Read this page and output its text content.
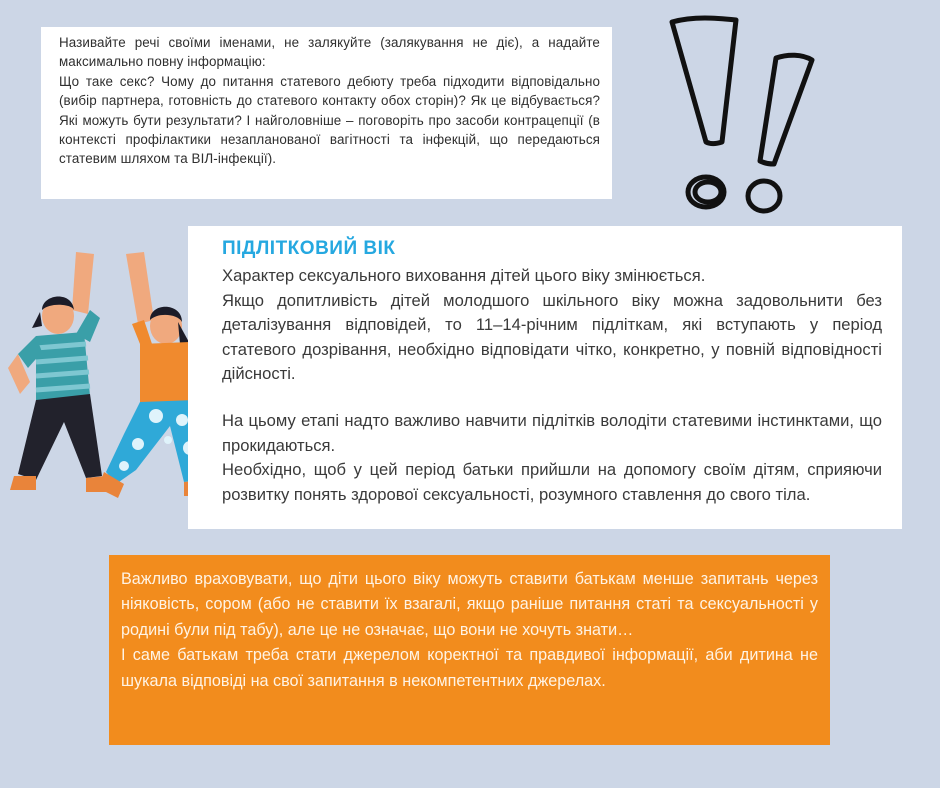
Називайте речі своїми іменами, не залякуйте (залякування не діє), а надайте максимально повну інформацію:

Що таке секс? Чому до питання статевого дебюту треба підходити відповідально (вибір партнера, готовність до статевого контакту обох сторін)? Як це відбувається? Які можуть бути результати? І найголовніше – поговоріть про засоби контрацепції (в контексті профілактики незапланованої вагітності та інфекцій, що передаються статевим шляхом та ВІЛ-інфекції).

ПІДЛІТКОВИЙ ВІК

Характер сексуального виховання дітей цього віку змінюється.

Якщо допитливість дітей молодшого шкільного віку можна задовольнити без деталізування відповідей, то 11–14-річним підліткам, які вступають у період статевого дозрівання, необхідно відповідати чітко, конкретно, у повній відповідності дійсності.

На цьому етапі надто важливо навчити підлітків володіти статевими інстинктами, що прокидаються.

Необхідно, щоб у цей період батьки прийшли на допомогу своїм дітям, сприяючи розвитку понять здорової сексуальності, розумного ставлення до свого тіла.

Важливо враховувати, що діти цього віку можуть ставити батькам менше запитань через ніяковість, сором (або не ставити їх взагалі, якщо раніше питання статі та сексуальності у родині були під табу), але це не означає, що вони не хочуть знати…

І саме батькам треба стати джерелом коректної та правдивої інформації, аби дитина не шукала відповіді на свої запитання в некомпетентних джерелах.
